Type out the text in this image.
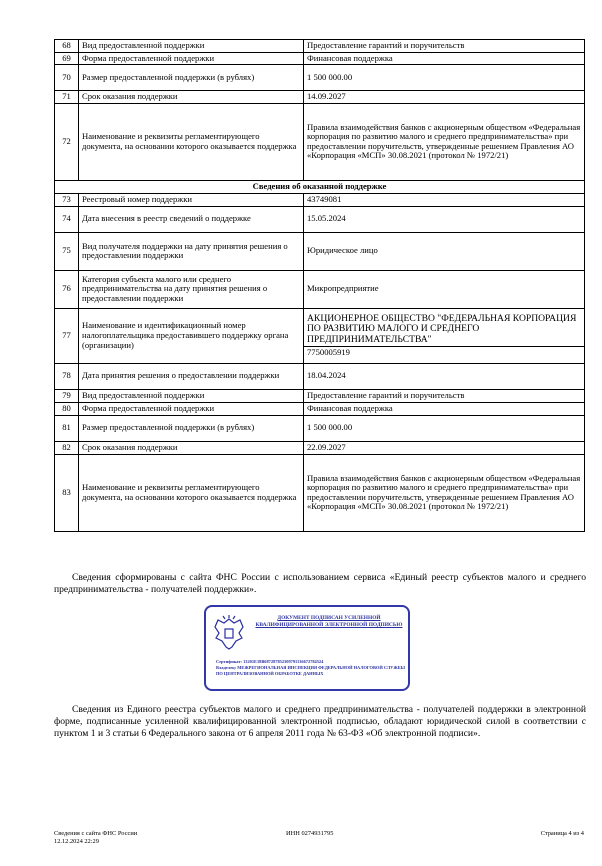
68	Вид предоставленной поддержки	Предоставление гарантий и поручительств
69	Форма предоставленной поддержки	Финансовая поддержка
70	Размер предоставленной поддержки (в рублях)	1 500 000.00
71	Срок оказания поддержки	14.09.2027
72	Наименование и реквизиты регламентирующего документа, на основании которого оказывается поддержка	Правила взаимодействия банков с акционерным обществом «Федеральная корпорация по развитию малого и среднего предпринимательства» при предоставлении поручительств, утвержденные решением Правления АО «Корпорация «МСП» 30.08.2021 (протокол № 1972/21)
Сведения об оказанной поддержке		
73	Реестровый номер поддержки	43749081
74	Дата внесения в реестр сведений о поддержке	15.05.2024
75	Вид получателя поддержки на дату принятия решения о предоставлении поддержки	Юридическое лицо
76	Категория субъекта малого или среднего предпринимательства на дату принятия решения о предоставлении поддержки	Микропредприятие
77	Наименование и идентификационный номер налогоплательщика предоставившего поддержку органа (организации)	АКЦИОНЕРНОЕ ОБЩЕСТВО "ФЕДЕРАЛЬНАЯ КОРПОРАЦИЯ ПО РАЗВИТИЮ МАЛОГО И СРЕДНЕГО ПРЕДПРИНИМАТЕЛЬСТВА"
7750005919

78	Дата принятия решения о предоставлении поддержки	18.04.2024
79	Вид предоставленной поддержки	Предоставление гарантий и поручительств
80	Форма предоставленной поддержки	Финансовая поддержка
81	Размер предоставленной поддержки (в рублях)	1 500 000.00
82	Срок оказания поддержки	22.09.2027
83	Наименование и реквизиты регламентирующего документа, на основании которого оказывается поддержка	Правила взаимодействия банков с акционерным обществом «Федеральная корпорация по развитию малого и среднего предпринимательства» при предоставлении поручительств, утвержденные решением Правления АО «Корпорация «МСП» 30.08.2021 (протокол № 1972/21)
Сведения сформированы с сайта ФНС России с использованием сервиса «Единый реестр субъектов малого и среднего предпринимательства - получателей поддержки».
ДОКУМЕНТ ПОДПИСАН УСИЛЕННОЙ КВАЛИФИЦИРОВАННОЙ ЭЛЕКТРОННОЙ ПОДПИСЬЮ
Сертификат: 13201E18B687287852309791136672784524
Владелец: МЕЖРЕГИОНАЛЬНАЯ ИНСПЕКЦИЯ ФЕДЕРАЛЬНОЙ НАЛОГОВОЙ СЛУЖБЫ ПО ЦЕНТРАЛИЗОВАННОЙ ОБРАБОТКЕ ДАННЫХ
Сведения из Единого реестра субъектов малого и среднего предпринимательства - получателей поддержки в электронной форме, подписанные усиленной квалифицированной электронной подписью, обладают юридической силой в соответствии с пунктом 1 и 3 статьи 6 Федерального закона от 6 апреля 2011 года № 63-ФЗ «Об электронной подписи».
Сведения с сайта ФНС России
12.12.2024 22:29
ИНН 0274931795	Страница 4 из 4
